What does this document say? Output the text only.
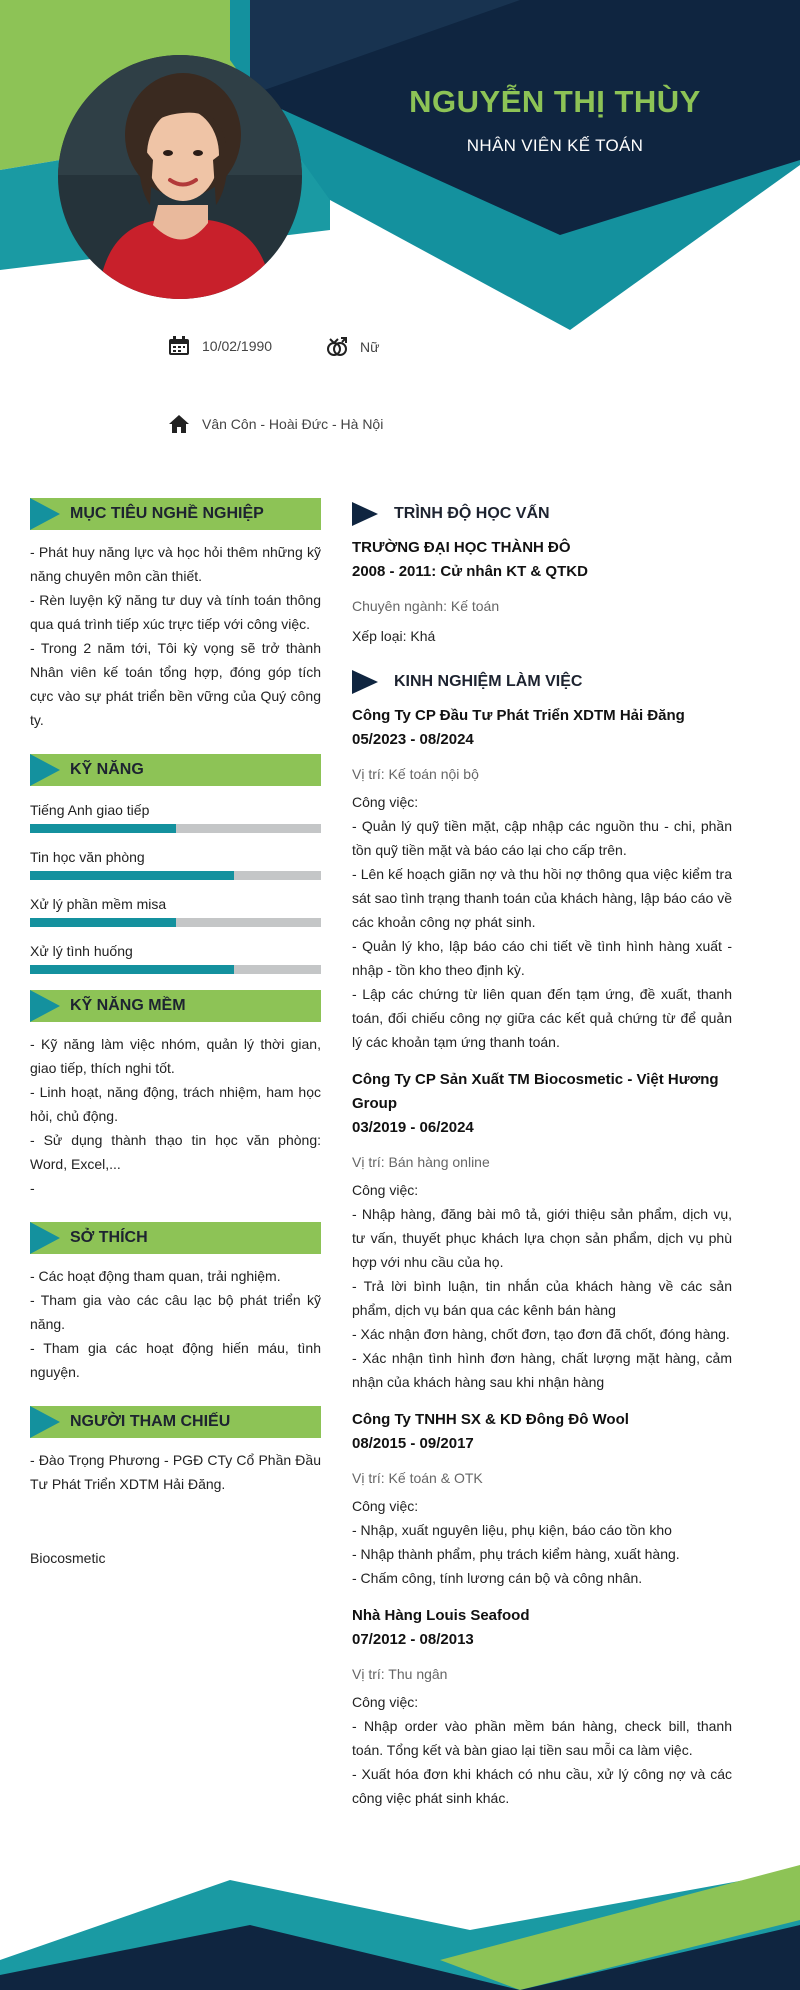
NGUYỄN THỊ THÙY
NHÂN VIÊN KẾ TOÁN
10/02/1990	Nữ
Vân Côn - Hoài Đức - Hà Nội
MỤC TIÊU NGHỀ NGHIỆP
- Phát huy năng lực và học hỏi thêm những kỹ năng chuyên môn cần thiết.
- Rèn luyện kỹ năng tư duy và tính toán thông qua quá trình tiếp xúc trực tiếp với công việc.
- Trong 2 năm tới, Tôi kỳ vọng sẽ trở thành Nhân viên kế toán tổng hợp, đóng góp tích cực vào sự phát triển bền vững của Quý công ty.
KỸ NĂNG
Tiếng Anh giao tiếp
Tin học văn phòng
Xử lý phần mềm misa
Xử lý tình huống
KỸ NĂNG MỀM
- Kỹ năng làm việc nhóm, quản lý thời gian, giao tiếp, thích nghi tốt.
- Linh hoạt, năng động, trách nhiệm, ham học hỏi, chủ động.
- Sử dụng thành thạo tin học văn phòng: Word, Excel,...
-
SỞ THÍCH
- Các hoạt động tham quan, trải nghiệm.
- Tham gia vào các câu lạc bộ phát triển kỹ năng.
- Tham gia các hoạt động hiến máu, tình nguyện.
NGƯỜI THAM CHIẾU
- Đào Trọng Phương - PGĐ CTy Cổ Phần Đầu Tư Phát Triển XDTM Hải Đăng.
Biocosmetic
TRÌNH ĐỘ HỌC VẤN
TRƯỜNG ĐẠI HỌC THÀNH ĐÔ
2008 - 2011: Cử nhân KT & QTKD
Chuyên ngành: Kế toán
Xếp loại: Khá
KINH NGHIỆM LÀM VIỆC
Công Ty CP Đầu Tư Phát Triển XDTM Hải Đăng
05/2023 - 08/2024
Vị trí: Kế toán nội bộ
Công việc:
- Quản lý quỹ tiền mặt, cập nhập các nguồn thu - chi, phần tồn quỹ tiền mặt và báo cáo lại cho cấp trên.
- Lên kế hoạch giãn nợ và thu hồi nợ thông qua việc kiểm tra sát sao tình trạng thanh toán của khách hàng, lập báo cáo về các khoản công nợ phát sinh.
- Quản lý kho, lập báo cáo chi tiết về tình hình hàng xuất - nhập - tồn kho theo định kỳ.
- Lập các chứng từ liên quan đến tạm ứng, đề xuất, thanh toán, đối chiếu công nợ giữa các kết quả chứng từ để quản lý các khoản tạm ứng thanh toán.
Công Ty CP Sản Xuất TM Biocosmetic - Việt Hương Group
03/2019 - 06/2024
Vị trí: Bán hàng online
Công việc:
- Nhập hàng, đăng bài mô tả, giới thiệu sản phẩm, dịch vụ, tư vấn, thuyết phục khách lựa chọn sản phẩm, dịch vụ phù hợp với nhu cầu của họ.
- Trả lời bình luận, tin nhắn của khách hàng về các sản phẩm, dịch vụ bán qua các kênh bán hàng
- Xác nhận đơn hàng, chốt đơn, tạo đơn đã chốt, đóng hàng.
- Xác nhận tình hình đơn hàng, chất lượng mặt hàng, cảm nhận của khách hàng sau khi nhận hàng
Công Ty TNHH SX & KD Đông Đô Wool
08/2015 - 09/2017
Vị trí: Kế toán & OTK
Công việc:
- Nhập, xuất nguyên liệu, phụ kiện, báo cáo tồn kho
- Nhập thành phẩm, phụ trách kiểm hàng, xuất hàng.
- Chấm công, tính lương cán bộ và công nhân.
Nhà Hàng Louis Seafood
07/2012 - 08/2013
Vị trí: Thu ngân
Công việc:
- Nhập order vào phần mềm bán hàng, check bill, thanh toán. Tổng kết và bàn giao lại tiền sau mỗi ca làm việc.
- Xuất hóa đơn khi khách có nhu cầu, xử lý công nợ và các công việc phát sinh khác.
